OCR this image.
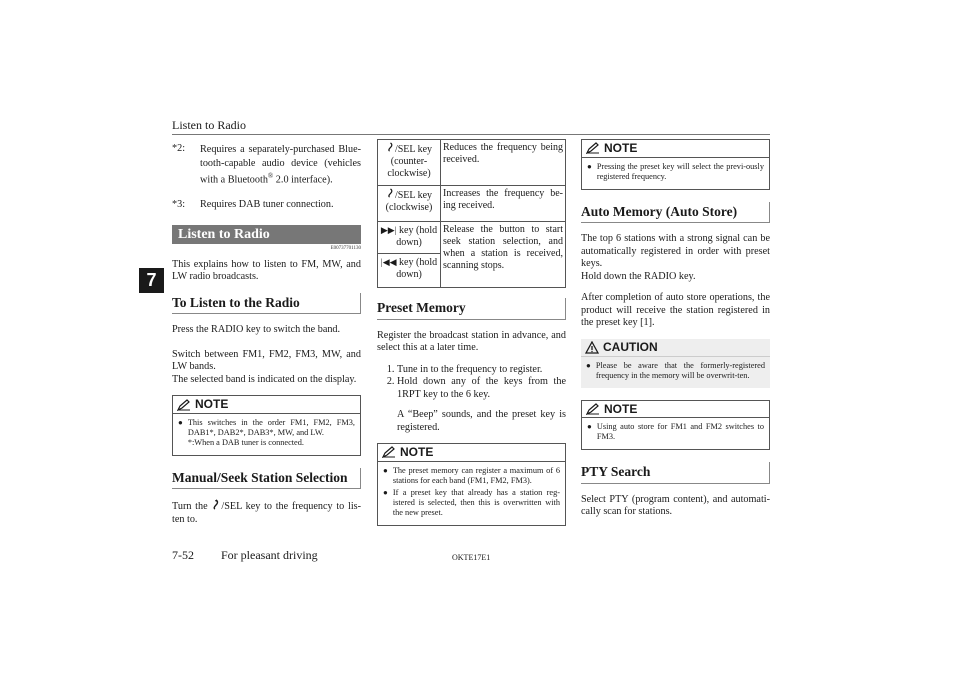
Listen to Radio
7
*2:	Requires a separately-purchased Blue-tooth-capable audio device (vehicles with a Bluetooth® 2.0 interface).
*3:	Requires DAB tuner connection.
Listen to Radio
E00737701130

This explains how to listen to FM, MW, and LW radio broadcasts.

To Listen to the Radio

Press the RADIO key to switch the band.

Switch between FM1, FM2, FM3, MW, and LW bands.

The selected band is indicated on the display.

NOTE
● This switches in the order FM1, FM2, FM3, DAB1*, DAB2*, DAB3*, MW, and LW.
*:When a DAB tuner is connected.
Manual/Seek Station Selection

Turn the /SEL key to the frequency to lis-ten to.

/SEL key (counter-clockwise)	Reduces the frequency being received.
/SEL key (clockwise)	Increases the frequency be-ing received.
▶▶| key (hold down)	Release the button to start seek station selection, and when a station is received, scanning stops.
|◀◀ key (hold down)	
Preset Memory

Register the broadcast station in advance, and select this at a later time.

1. Tune in to the frequency to register.
2. Hold down any of the keys from the 1RPT key to the 6 key.

A “Beep” sounds, and the preset key is registered.

NOTE
● The preset memory can register a maximum of 6 stations for each band (FM1, FM2, FM3).
● If a preset key that already has a station reg-istered is selected, then this is overwritten with the new preset.
NOTE
● Pressing the preset key will select the previ-ously registered frequency.
Auto Memory (Auto Store)

The top 6 stations with a strong signal can be automatically registered in order with preset keys.

Hold down the RADIO key.

After completion of auto store operations, the product will receive the station registered in the preset key [1].

CAUTION
● Please be aware that the formerly-registered frequency in the memory will be overwrit-ten.
NOTE
● Using auto store for FM1 and FM2 switches to FM3.
PTY Search

Select PTY (program content), and automati-cally scan for stations.

7-52 For pleasant driving	OKTE17E1
